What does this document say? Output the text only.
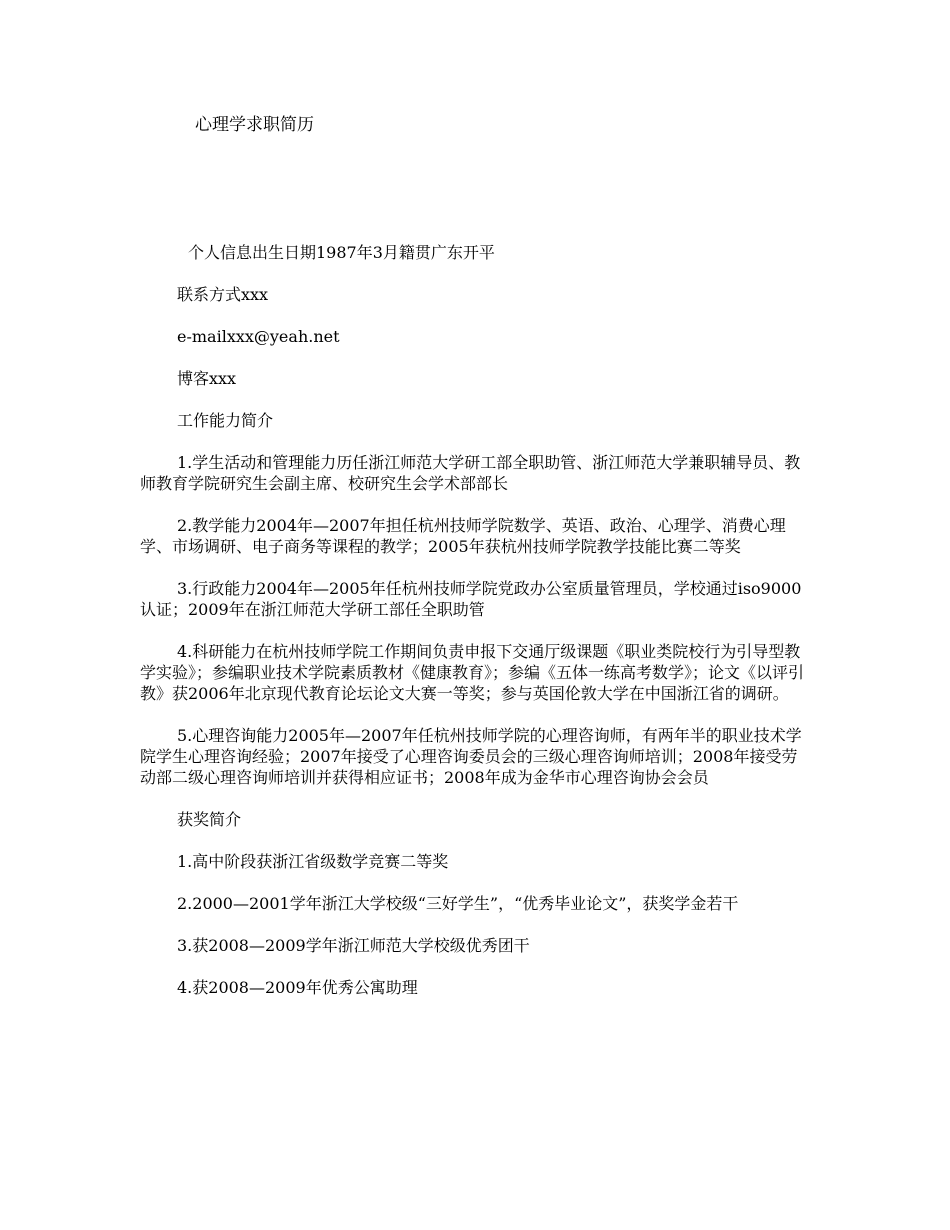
心理学求职简历

个人信息出生日期1987年3月籍贯广东开平

联系方式xxx

e-mailxxx@yeah.net

博客xxx

工作能力简介

1.学生活动和管理能力历任浙江师范大学研工部全职助管、浙江师范大学兼职辅导员、教师教育学院研究生会副主席、校研究生会学术部部长

2.教学能力2004年—2007年担任杭州技师学院数学、英语、政治、心理学、消费心理学、市场调研、电子商务等课程的教学；2005年获杭州技师学院教学技能比赛二等奖

3.行政能力2004年—2005年任杭州技师学院党政办公室质量管理员，学校通过iso9000认证；2009年在浙江师范大学研工部任全职助管

4.科研能力在杭州技师学院工作期间负责申报下交通厅级课题《职业类院校行为引导型教学实验》；参编职业技术学院素质教材《健康教育》；参编《五体一练高考数学》；论文《以评引教》获2006年北京现代教育论坛论文大赛一等奖；参与英国伦敦大学在中国浙江省的调研。

5.心理咨询能力2005年—2007年任杭州技师学院的心理咨询师，有两年半的职业技术学院学生心理咨询经验；2007年接受了心理咨询委员会的三级心理咨询师培训；2008年接受劳动部二级心理咨询师培训并获得相应证书；2008年成为金华市心理咨询协会会员

获奖简介

1.高中阶段获浙江省级数学竞赛二等奖

2.2000—2001学年浙江大学校级“三好学生”，“优秀毕业论文”，获奖学金若干

3.获2008—2009学年浙江师范大学校级优秀团干

4.获2008—2009年优秀公寓助理
